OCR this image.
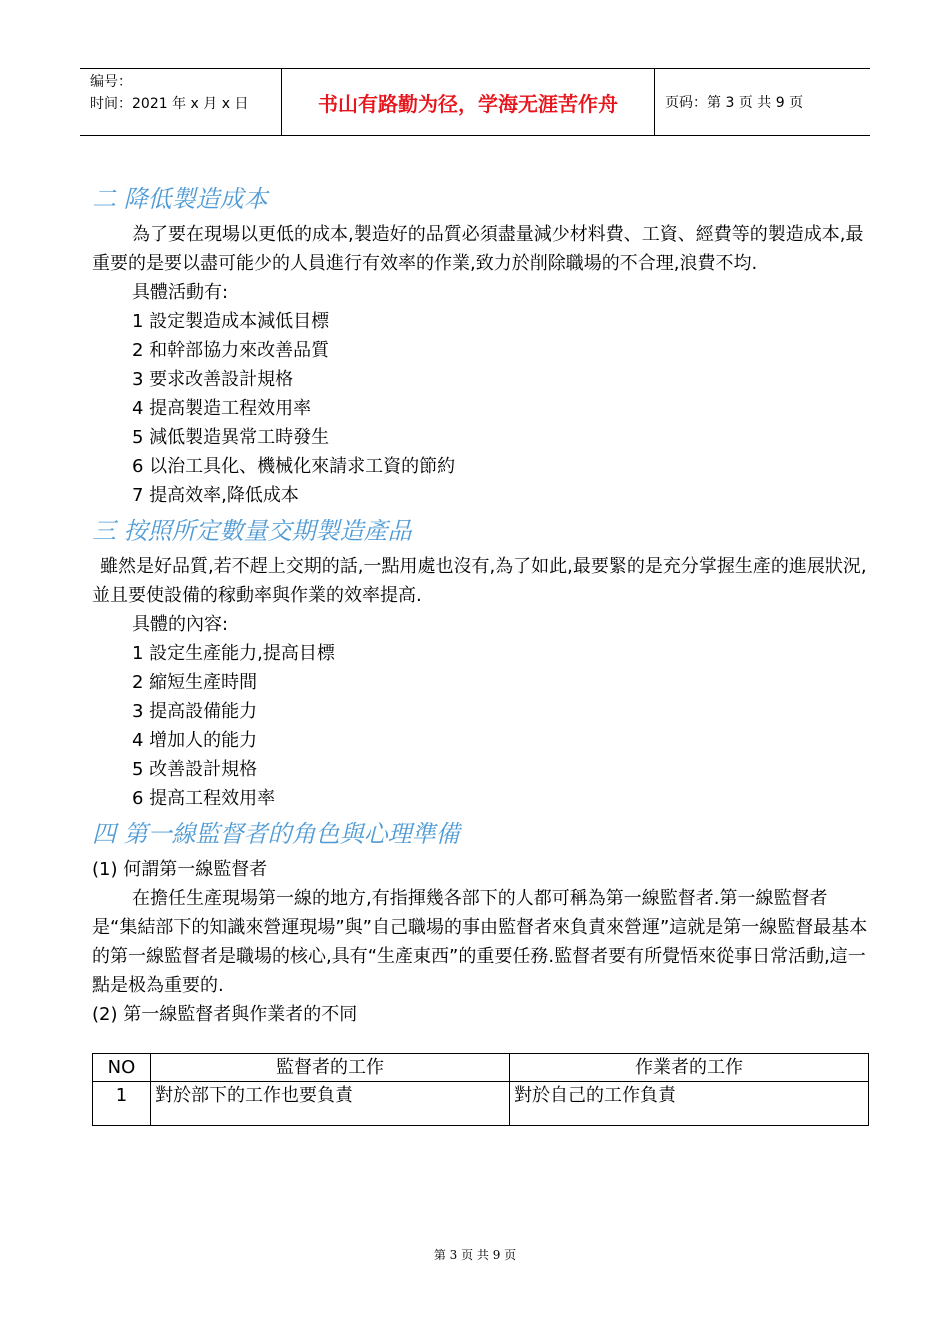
编号：
时间：2021 年 x 月 x 日	书山有路勤为径，学海无涯苦作舟	页码：第 3 页 共 9 页
二 降低製造成本

為了要在現場以更低的成本,製造好的品質必須盡量減少材料費、工資、經費等的製造成本,最重要的是要以盡可能少的人員進行有效率的作業,致力於削除職場的不合理,浪費不均.

具體活動有:

1 設定製造成本減低目標
2 和幹部協力來改善品質
3 要求改善設計規格
4 提高製造工程效用率
5 減低製造異常工時發生
6 以治工具化、機械化來請求工資的節約
7 提高效率,降低成本
三 按照所定數量交期製造產品

雖然是好品質,若不趕上交期的話,一點用處也沒有,為了如此,最要緊的是充分掌握生產的進展狀況,並且要使設備的稼動率與作業的效率提高.

具體的內容:

1 設定生產能力,提高目標
2 縮短生產時間
3 提高設備能力
4 增加人的能力
5 改善設計規格
6 提高工程效用率
四 第一線監督者的角色與心理準備

(1) 何謂第一線監督者

在擔任生產現場第一線的地方,有指揮幾各部下的人都可稱為第一線監督者.第一線監督者是“集結部下的知識來營運現場”與”自己職場的事由監督者來負責來營運”這就是第一線監督最基本的第一線監督者是職場的核心,具有“生產東西”的重要任務.監督者要有所覺悟來從事日常活動,這一點是极為重要的.

(2) 第一線監督者與作業者的不同

NO	監督者的工作	作業者的工作
1	對於部下的工作也要負責	對於自己的工作負責
第 3 页 共 9 页
